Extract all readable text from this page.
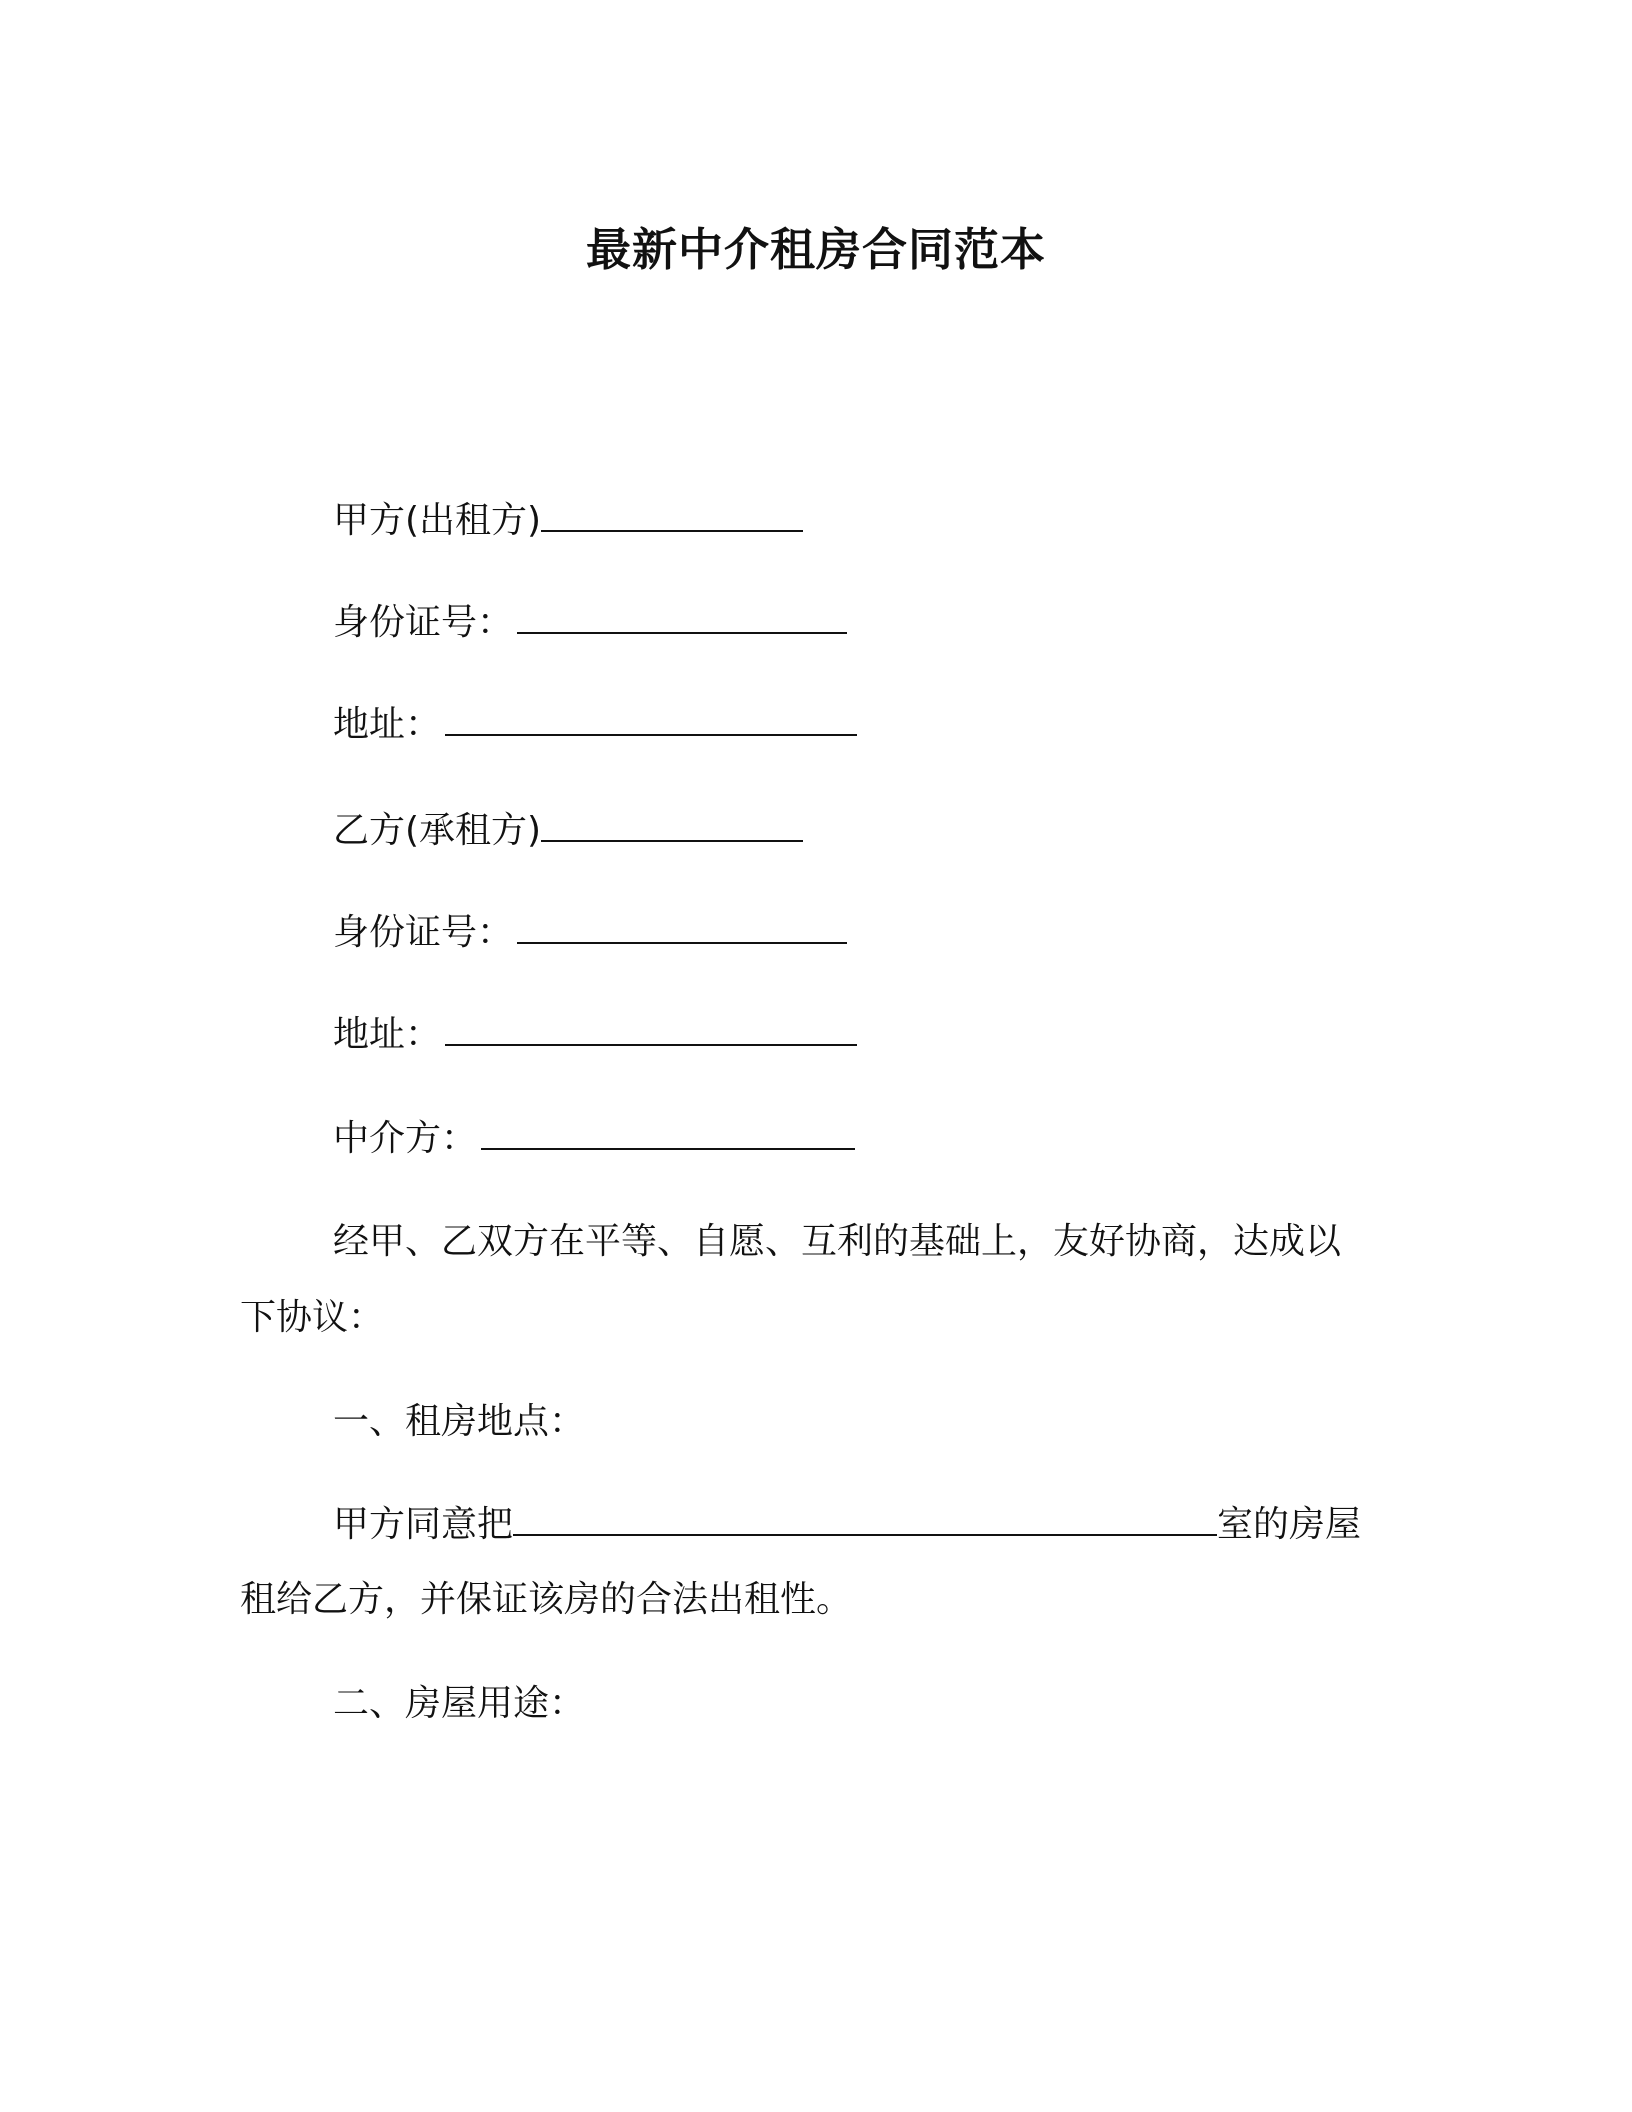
最新中介租房合同范本
甲方(出租方)
身份证号：
地址：
乙方(承租方)
身份证号：
地址：
中介方：
经甲、乙双方在平等、自愿、互利的基础上，友好协商，达成以
下协议：
一、租房地点：
甲方同意把	室的房屋
租给乙方，并保证该房的合法出租性。
二、房屋用途：
